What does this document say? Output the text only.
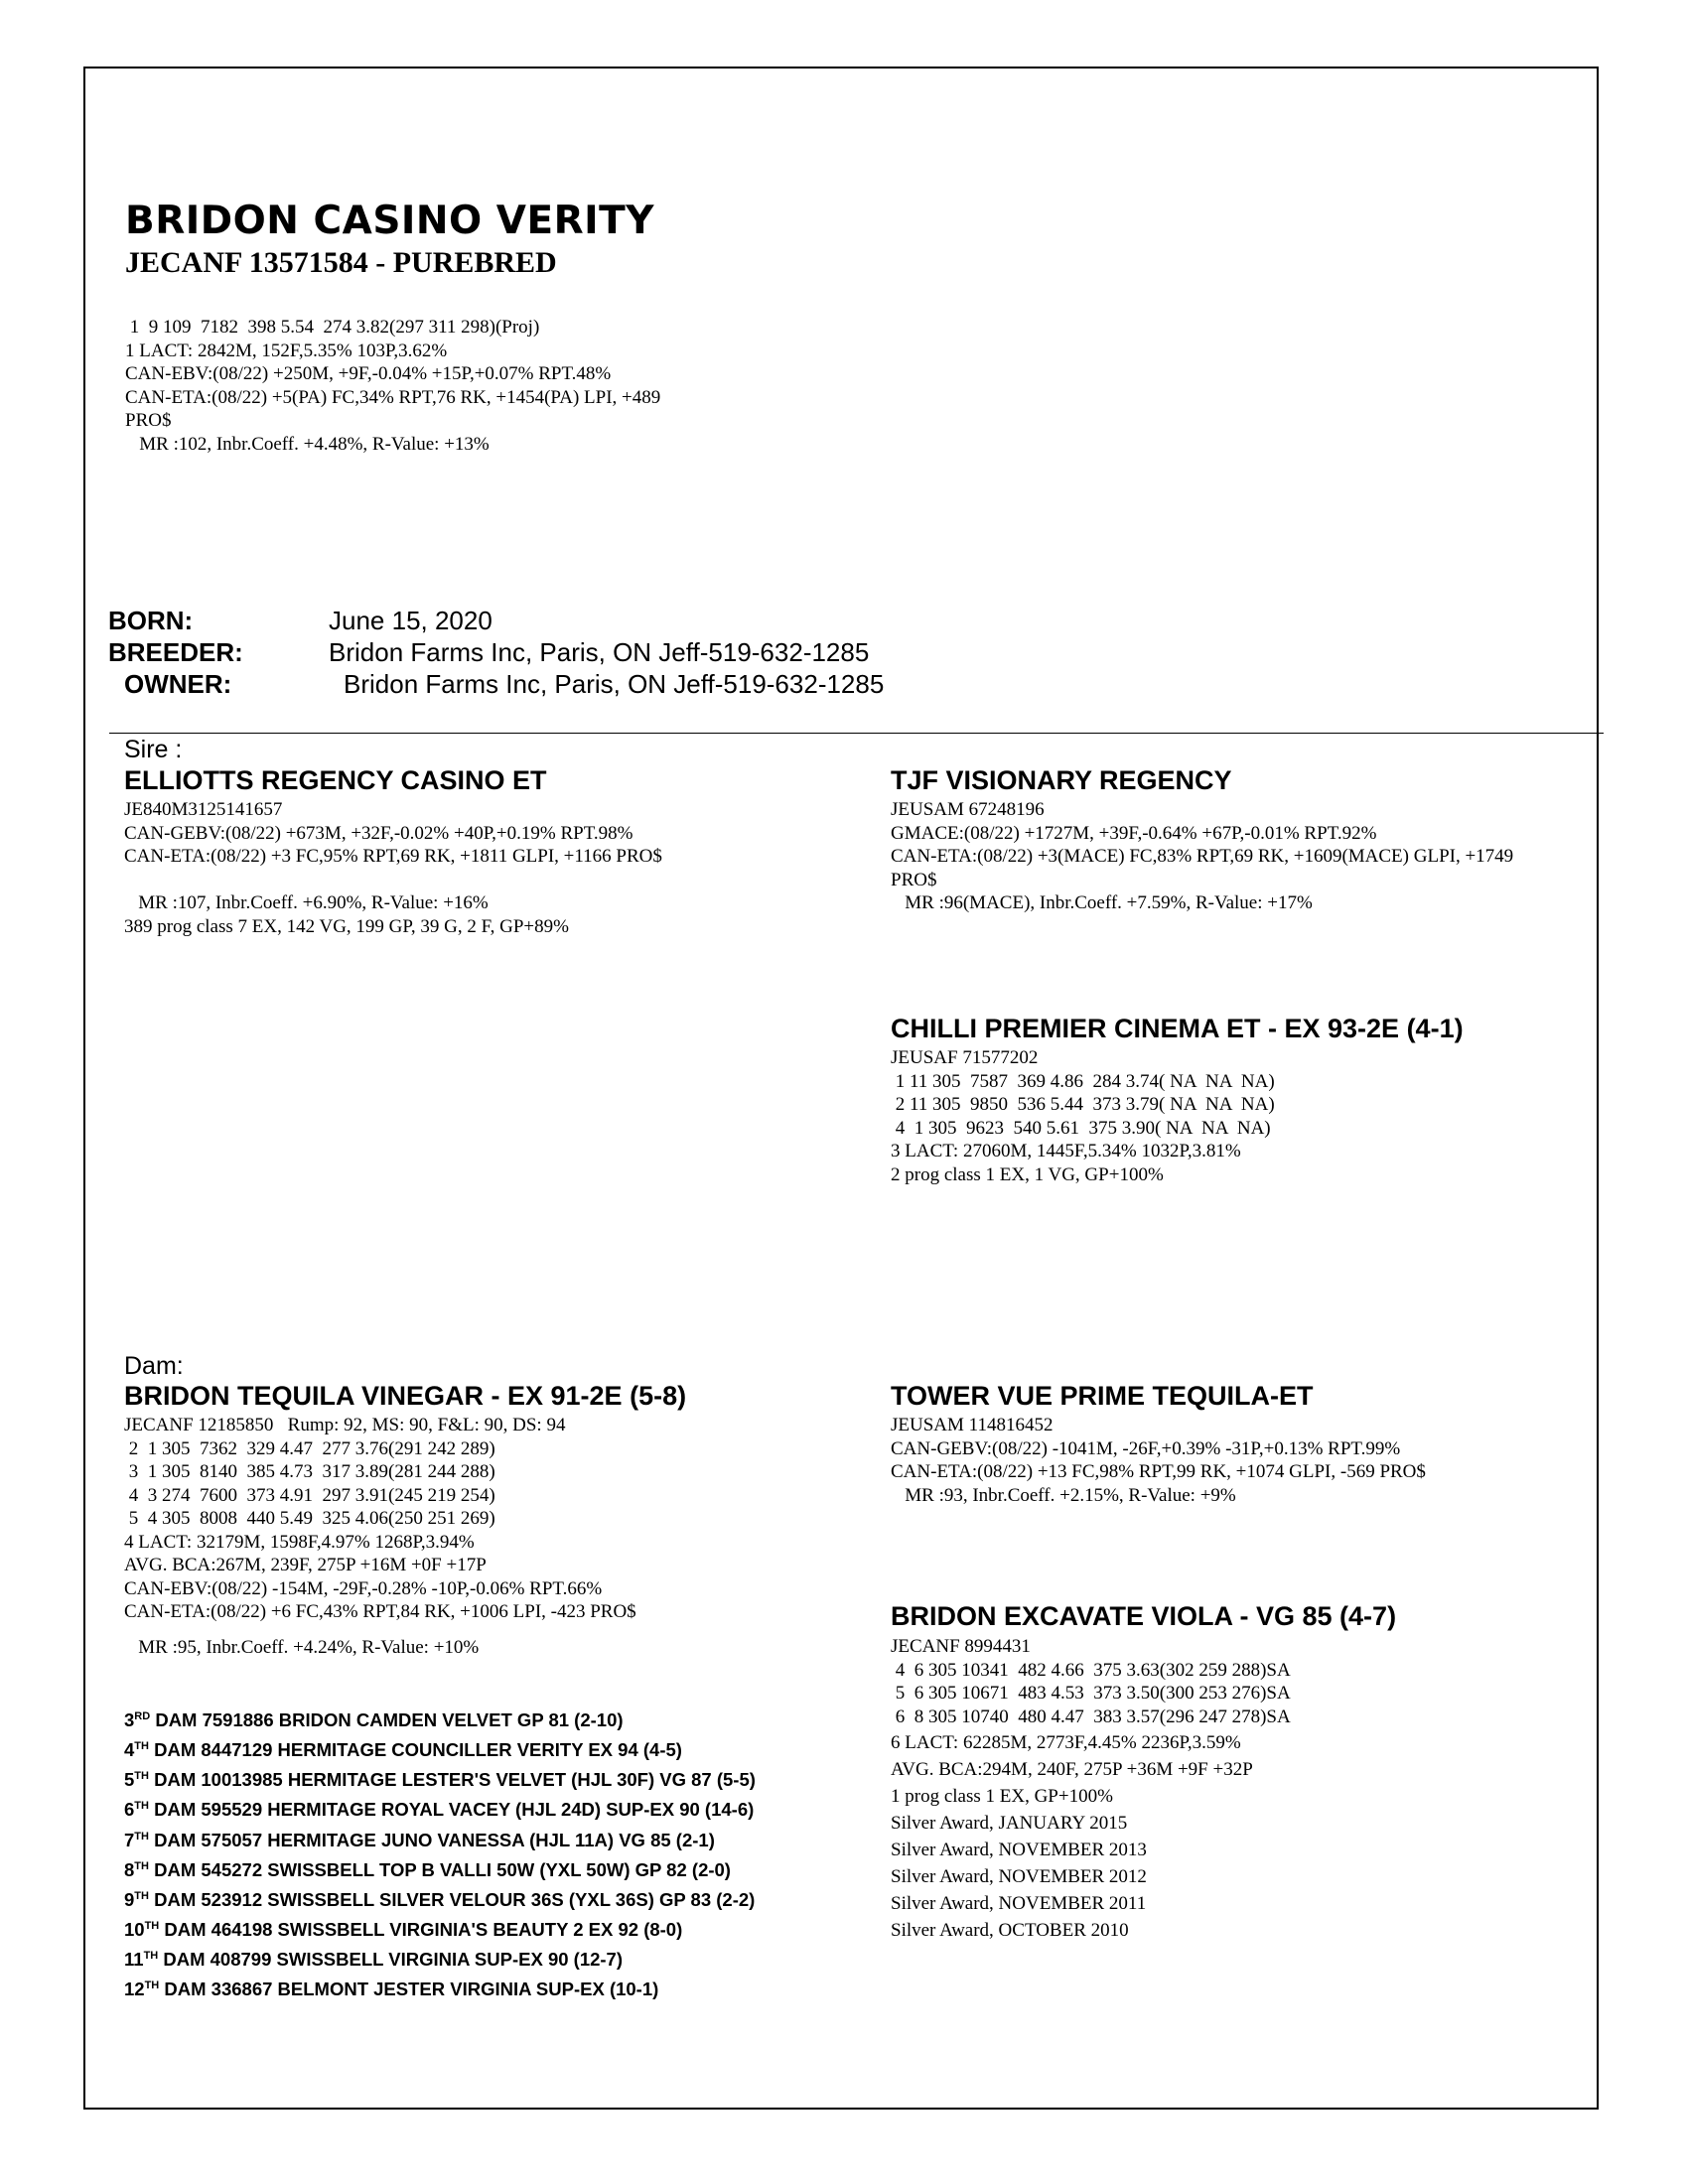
BRIDON CASINO VERITY
JECANF 13571584 - PUREBRED
1  9 109  7182  398 5.54  274 3.82(297 311 298)(Proj)
1 LACT: 2842M, 152F,5.35% 103P,3.62%
CAN-EBV:(08/22) +250M, +9F,-0.04% +15P,+0.07% RPT.48%
CAN-ETA:(08/22) +5(PA) FC,34% RPT,76 RK, +1454(PA) LPI, +489
PRO$
MR :102, Inbr.Coeff. +4.48%, R-Value: +13%
BORN:	June 15, 2020
BREEDER:	Bridon Farms Inc, Paris, ON Jeff-519-632-1285
OWNER:	Bridon Farms Inc, Paris, ON Jeff-519-632-1285
Sire :
ELLIOTTS REGENCY CASINO ET
JE840M3125141657
CAN-GEBV:(08/22) +673M, +32F,-0.02% +40P,+0.19% RPT.98%
CAN-ETA:(08/22) +3 FC,95% RPT,69 RK, +1811 GLPI, +1166 PRO$

MR :107, Inbr.Coeff. +6.90%, R-Value: +16%
389 prog class 7 EX, 142 VG, 199 GP, 39 G, 2 F, GP+89%
TJF VISIONARY REGENCY
JEUSAM 67248196
GMACE:(08/22) +1727M, +39F,-0.64% +67P,-0.01% RPT.92%
CAN-ETA:(08/22) +3(MACE) FC,83% RPT,69 RK, +1609(MACE) GLPI, +1749
PRO$
MR :96(MACE), Inbr.Coeff. +7.59%, R-Value: +17%
CHILLI PREMIER CINEMA ET - EX 93-2E (4-1)
JEUSAF 71577202
1 11 305  7587  369 4.86  284 3.74( NA  NA  NA)
2 11 305  9850  536 5.44  373 3.79( NA  NA  NA)
4  1 305  9623  540 5.61  375 3.90( NA  NA  NA)
3 LACT: 27060M, 1445F,5.34% 1032P,3.81%
2 prog class 1 EX, 1 VG, GP+100%
Dam:
BRIDON TEQUILA VINEGAR - EX 91-2E (5-8)
JECANF 12185850   Rump: 92, MS: 90, F&L: 90, DS: 94
2  1 305  7362  329 4.47  277 3.76(291 242 289)
3  1 305  8140  385 4.73  317 3.89(281 244 288)
4  3 274  7600  373 4.91  297 3.91(245 219 254)
5  4 305  8008  440 5.49  325 4.06(250 251 269)
4 LACT: 32179M, 1598F,4.97% 1268P,3.94%
AVG. BCA:267M, 239F, 275P +16M +0F +17P
CAN-EBV:(08/22) -154M, -29F,-0.28% -10P,-0.06% RPT.66%
CAN-ETA:(08/22) +6 FC,43% RPT,84 RK, +1006 LPI, -423 PRO$
MR :95, Inbr.Coeff. +4.24%, R-Value: +10%
TOWER VUE PRIME TEQUILA-ET
JEUSAM 114816452
CAN-GEBV:(08/22) -1041M, -26F,+0.39% -31P,+0.13% RPT.99%
CAN-ETA:(08/22) +13 FC,98% RPT,99 RK, +1074 GLPI, -569 PRO$
MR :93, Inbr.Coeff. +2.15%, R-Value: +9%
BRIDON EXCAVATE VIOLA - VG 85 (4-7)
JECANF 8994431
4  6 305 10341  482 4.66  375 3.63(302 259 288)SA
5  6 305 10671  483 4.53  373 3.50(300 253 276)SA
6  8 305 10740  480 4.47  383 3.57(296 247 278)SA
6 LACT: 62285M, 2773F,4.45% 2236P,3.59%
AVG. BCA:294M, 240F, 275P +36M +9F +32P
1 prog class 1 EX, GP+100%
Silver Award, JANUARY 2015
Silver Award, NOVEMBER 2013
Silver Award, NOVEMBER 2012
Silver Award, NOVEMBER 2011
Silver Award, OCTOBER 2010
3RD DAM 7591886 BRIDON CAMDEN VELVET GP 81 (2-10)
4TH DAM 8447129 HERMITAGE COUNCILLER VERITY EX 94 (4-5)
5TH DAM 10013985 HERMITAGE LESTER'S VELVET (HJL 30F) VG 87 (5-5)
6TH DAM 595529 HERMITAGE ROYAL VACEY (HJL 24D) SUP-EX 90 (14-6)
7TH DAM 575057 HERMITAGE JUNO VANESSA (HJL 11A) VG 85 (2-1)
8TH DAM 545272 SWISSBELL TOP B VALLI 50W (YXL 50W) GP 82 (2-0)
9TH DAM 523912 SWISSBELL SILVER VELOUR 36S (YXL 36S) GP 83 (2-2)
10TH DAM 464198 SWISSBELL VIRGINIA'S BEAUTY 2 EX 92 (8-0)
11TH DAM 408799 SWISSBELL VIRGINIA SUP-EX 90 (12-7)
12TH DAM 336867 BELMONT JESTER VIRGINIA SUP-EX (10-1)
